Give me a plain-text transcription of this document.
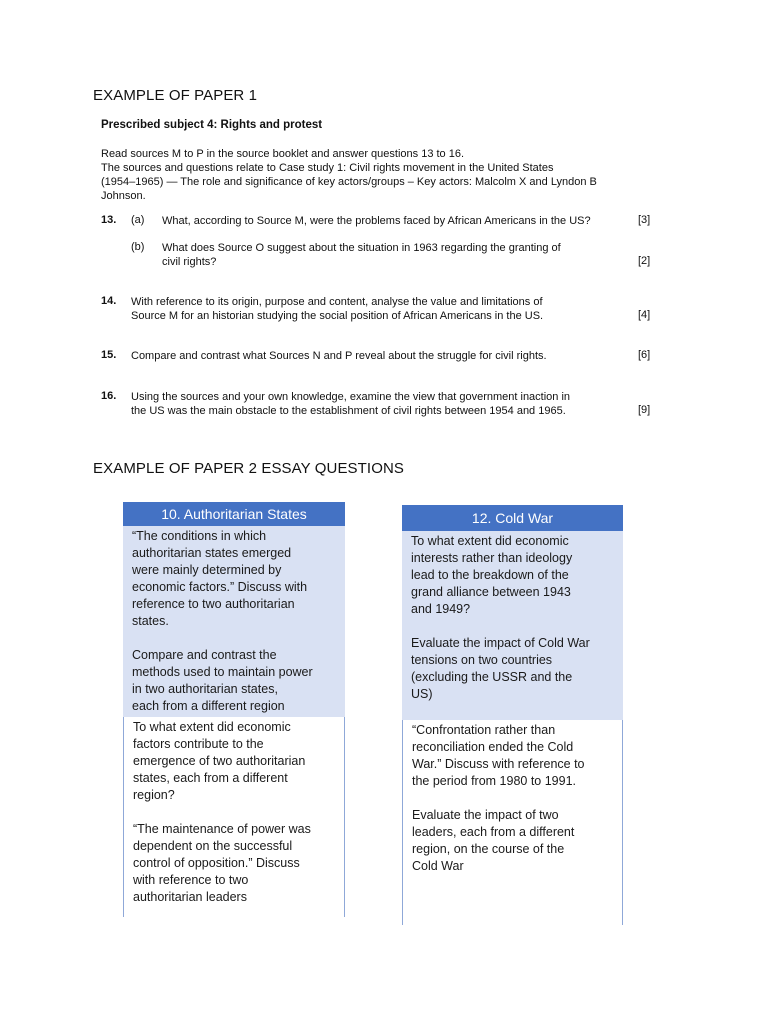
EXAMPLE OF PAPER 1
Prescribed subject 4: Rights and protest
Read sources M to P in the source booklet and answer questions 13 to 16.
The sources and questions relate to Case study 1: Civil rights movement in the United States
(1954–1965) — The role and significance of key actors/groups – Key actors: Malcolm X and Lyndon B
Johnson.
13. (a) What, according to Source M, were the problems faced by African Americans in the US?	[3]
(b) What does Source O suggest about the situation in 1963 regarding the granting of
civil rights?	[2]
14. With reference to its origin, purpose and content, analyse the value and limitations of
Source M for an historian studying the social position of African Americans in the US.	[4]
15. Compare and contrast what Sources N and P reveal about the struggle for civil rights.	[6]
16. Using the sources and your own knowledge, examine the view that government inaction in
the US was the main obstacle to the establishment of civil rights between 1954 and 1965.	[9]
EXAMPLE OF PAPER 2 ESSAY QUESTIONS
10. Authoritarian States

“The conditions in which
authoritarian states emerged
were mainly determined by
economic factors.” Discuss with
reference to two authoritarian
states.

Compare and contrast the
methods used to maintain power
in two authoritarian states,
each from a different region

To what extent did economic
factors contribute to the
emergence of two authoritarian
states, each from a different
region?

“The maintenance of power was
dependent on the successful
control of opposition.” Discuss
with reference to two
authoritarian leaders

12. Cold War

To what extent did economic
interests rather than ideology
lead to the breakdown of the
grand alliance between 1943
and 1949?

Evaluate the impact of Cold War
tensions on two countries
(excluding the USSR and the
US)

“Confrontation rather than
reconciliation ended the Cold
War.” Discuss with reference to
the period from 1980 to 1991.

Evaluate the impact of two
leaders, each from a different
region, on the course of the
Cold War
